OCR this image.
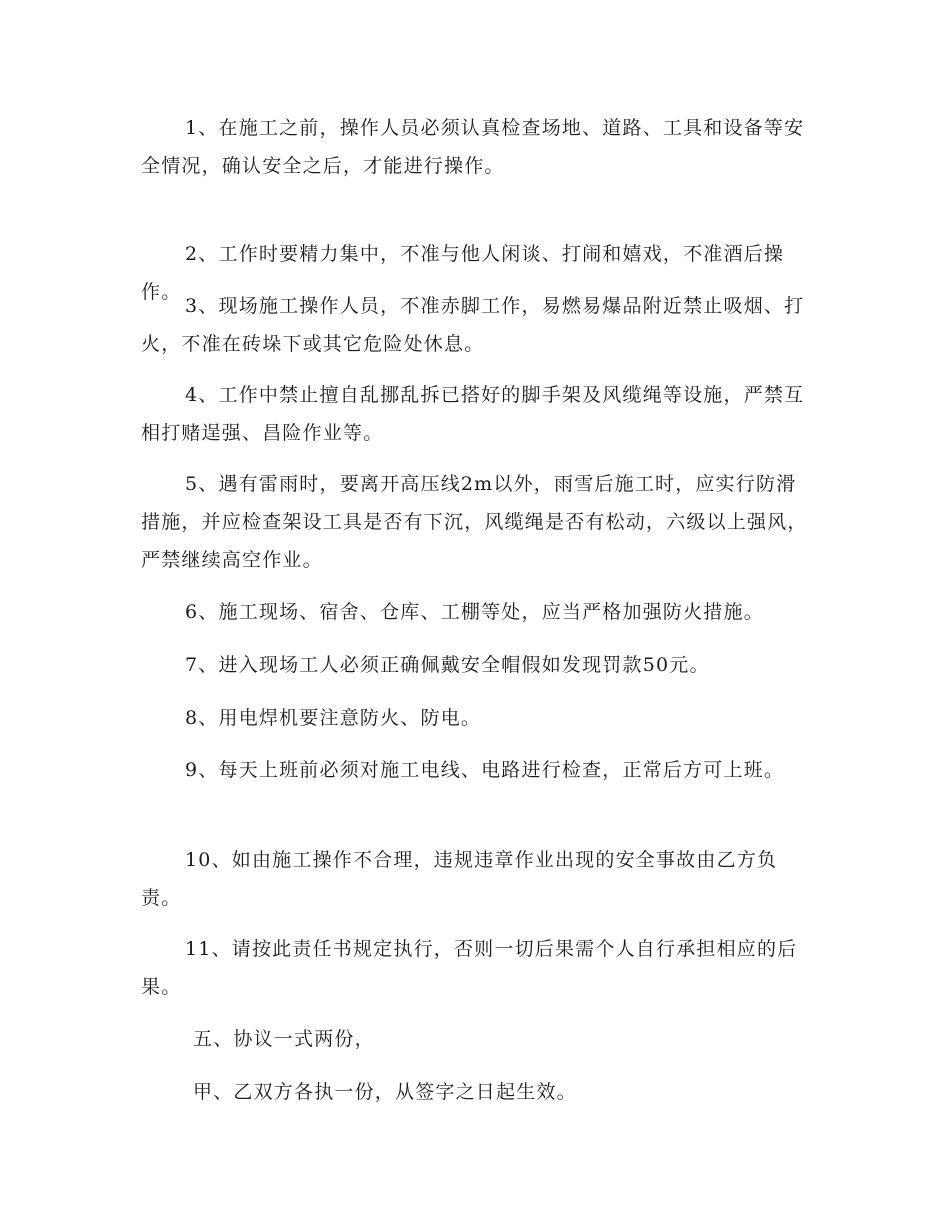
1、在施工之前，操作人员必须认真检查场地、道路、工具和设备等安全情况，确认安全之后，才能进行操作。

2、工作时要精力集中，不准与他人闲谈、打闹和嬉戏，不准酒后操作。

3、现场施工操作人员，不准赤脚工作，易燃易爆品附近禁止吸烟、打火，不准在砖垛下或其它危险处休息。

4、工作中禁止擅自乱挪乱拆已搭好的脚手架及风缆绳等设施，严禁互相打赌逞强、昌险作业等。

5、遇有雷雨时，要离开高压线2m以外，雨雪后施工时，应实行防滑措施，并应检查架设工具是否有下沉，风缆绳是否有松动，六级以上强风，严禁继续高空作业。

6、施工现场、宿舍、仓库、工棚等处，应当严格加强防火措施。

7、进入现场工人必须正确佩戴安全帽假如发现罚款50元。

8、用电焊机要注意防火、防电。

9、每天上班前必须对施工电线、电路进行检查，正常后方可上班。

10、如由施工操作不合理，违规违章作业出现的安全事故由乙方负责。

11、请按此责任书规定执行，否则一切后果需个人自行承担相应的后果。

五、协议一式两份，

甲、乙双方各执一份，从签字之日起生效。
